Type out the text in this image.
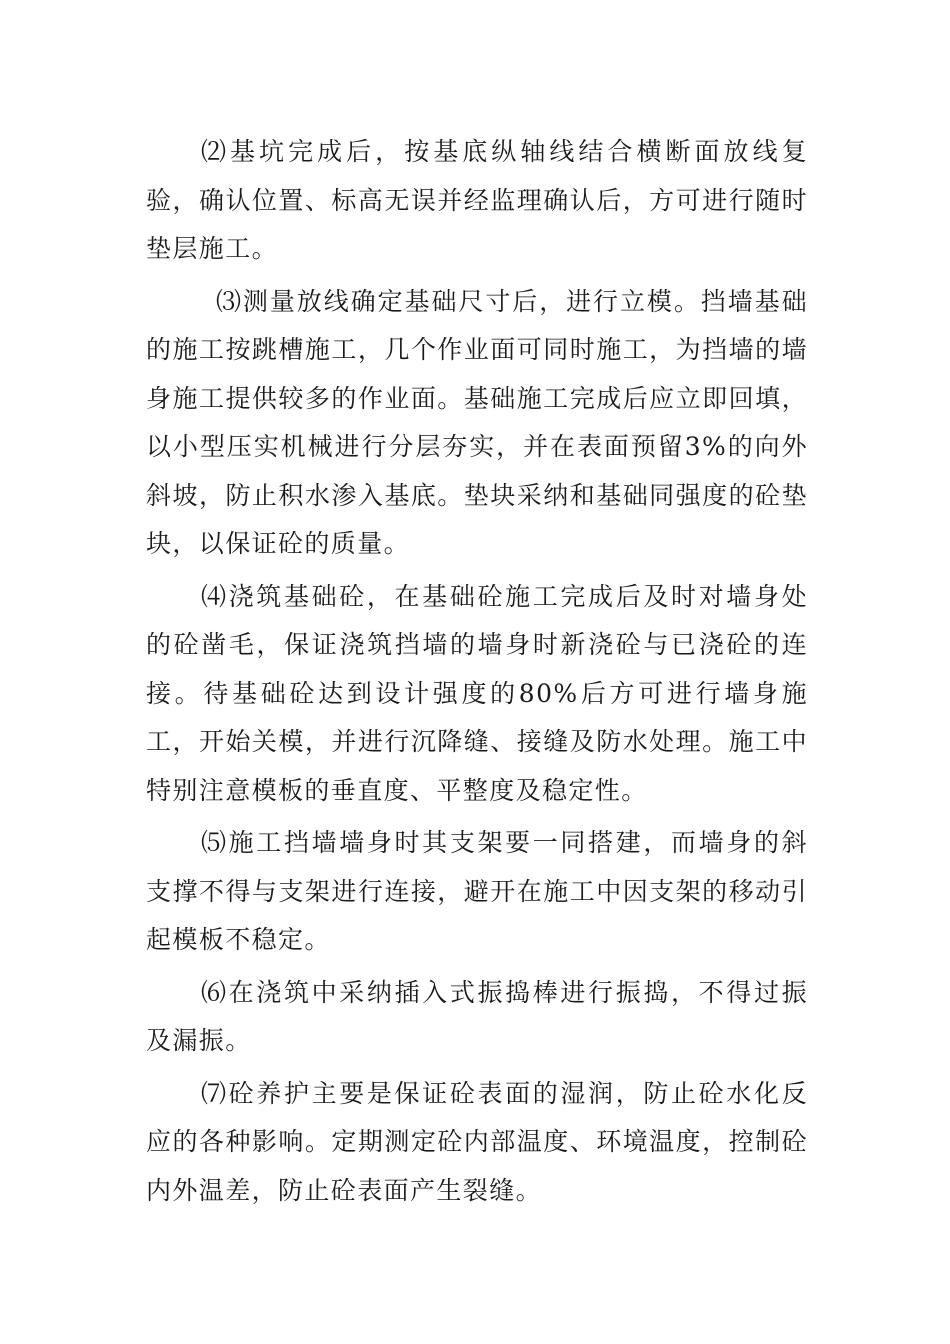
⑵基坑完成后，按基底纵轴线结合横断面放线复验，确认位置、标高无误并经监理确认后，方可进行随时垫层施工。

⑶测量放线确定基础尺寸后，进行立模。挡墙基础的施工按跳槽施工，几个作业面可同时施工，为挡墙的墙身施工提供较多的作业面。基础施工完成后应立即回填，以小型压实机械进行分层夯实，并在表面预留3%的向外斜坡，防止积水渗入基底。垫块采纳和基础同强度的砼垫块，以保证砼的质量。

⑷浇筑基础砼，在基础砼施工完成后及时对墙身处的砼凿毛，保证浇筑挡墙的墙身时新浇砼与已浇砼的连接。待基础砼达到设计强度的80%后方可进行墙身施工，开始关模，并进行沉降缝、接缝及防水处理。施工中特别注意模板的垂直度、平整度及稳定性。

⑸施工挡墙墙身时其支架要一同搭建，而墙身的斜支撑不得与支架进行连接，避开在施工中因支架的移动引起模板不稳定。

⑹在浇筑中采纳插入式振捣棒进行振捣，不得过振及漏振。

⑺砼养护主要是保证砼表面的湿润，防止砼水化反应的各种影响。定期测定砼内部温度、环境温度，控制砼内外温差，防止砼表面产生裂缝。
